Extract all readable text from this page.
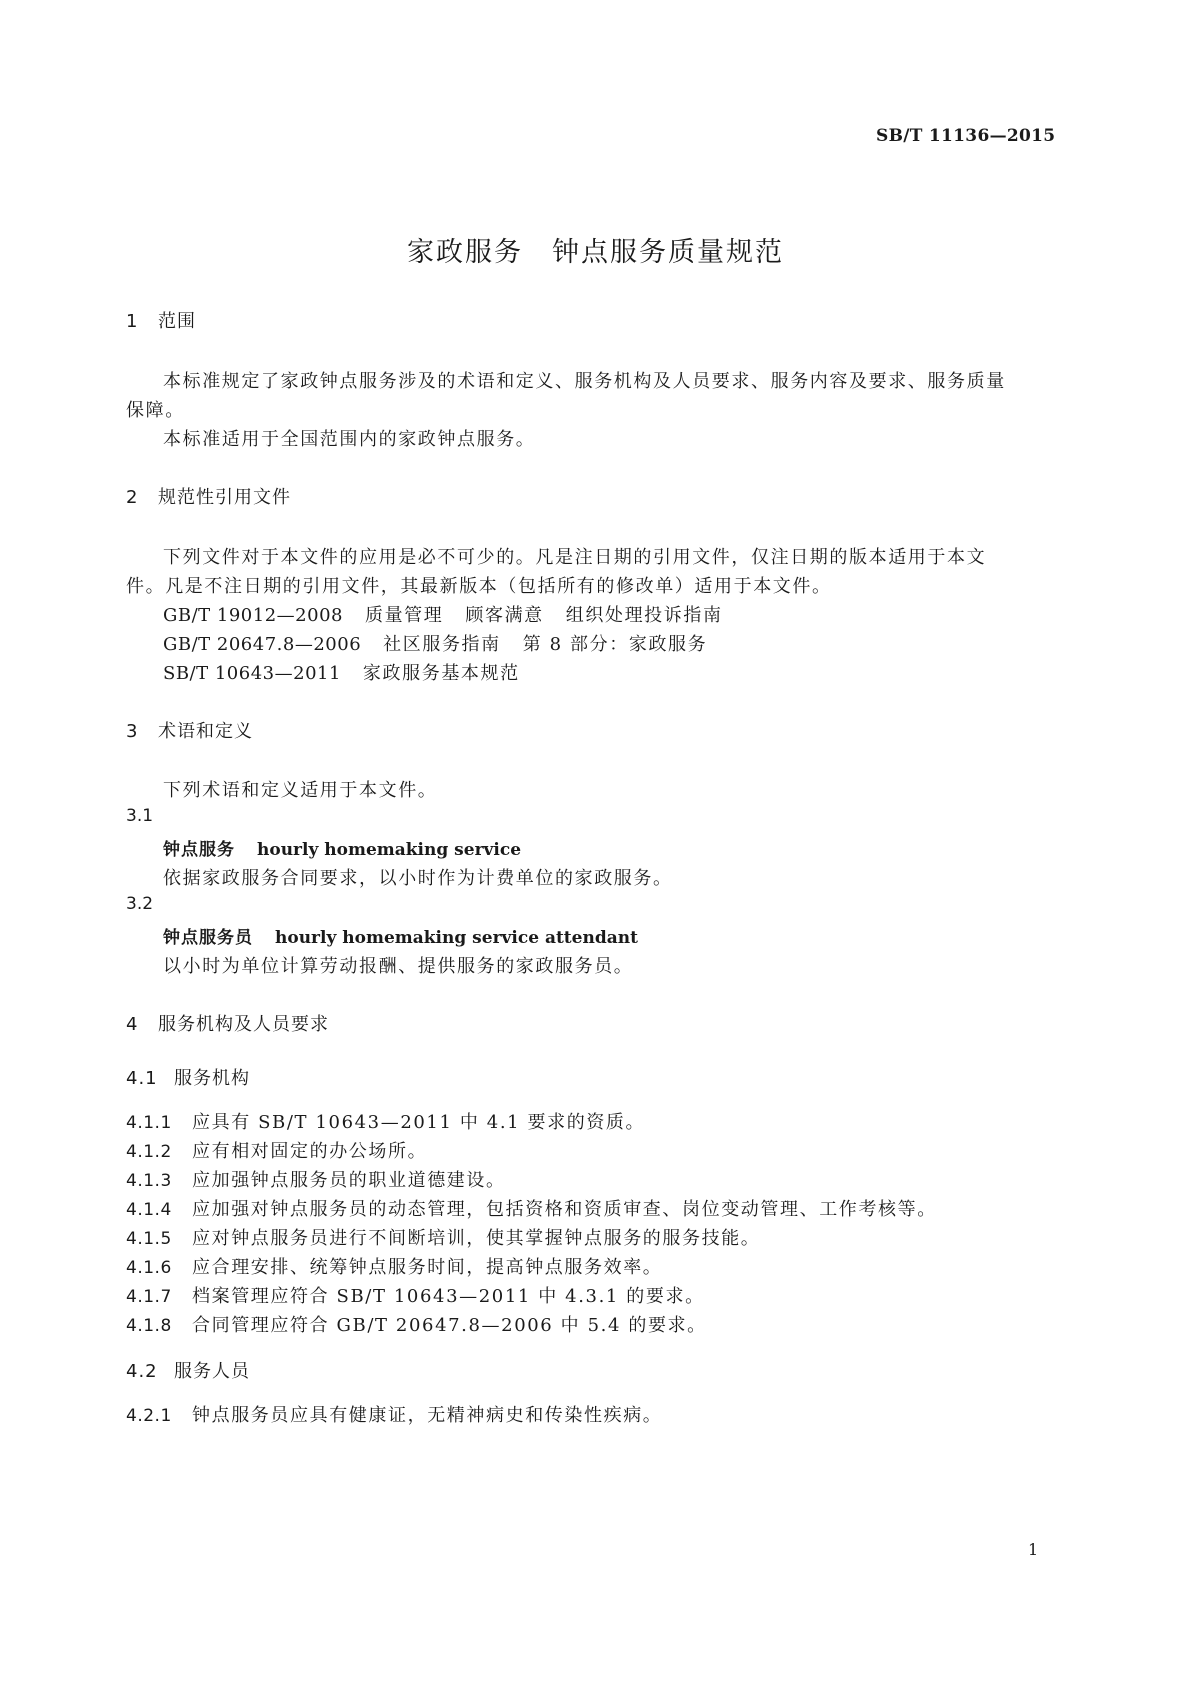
SB/T 11136—2015
家政服务　钟点服务质量规范
1 范围
本标准规定了家政钟点服务涉及的术语和定义、服务机构及人员要求、服务内容及要求、服务质量
保障。
本标准适用于全国范围内的家政钟点服务。
2 规范性引用文件
下列文件对于本文件的应用是必不可少的。凡是注日期的引用文件，仅注日期的版本适用于本文
件。凡是不注日期的引用文件，其最新版本（包括所有的修改单）适用于本文件。
GB/T 19012—2008 质量管理 顾客满意 组织处理投诉指南
GB/T 20647.8—2006 社区服务指南 第 8 部分：家政服务
SB/T 10643—2011 家政服务基本规范
3 术语和定义
下列术语和定义适用于本文件。
3.1
钟点服务 hourly homemaking service
依据家政服务合同要求，以小时作为计费单位的家政服务。
3.2
钟点服务员 hourly homemaking service attendant
以小时为单位计算劳动报酬、提供服务的家政服务员。
4 服务机构及人员要求
4.1 服务机构
4.1.1 应具有 SB/T 10643—2011 中 4.1 要求的资质。
4.1.2 应有相对固定的办公场所。
4.1.3 应加强钟点服务员的职业道德建设。
4.1.4 应加强对钟点服务员的动态管理，包括资格和资质审查、岗位变动管理、工作考核等。
4.1.5 应对钟点服务员进行不间断培训，使其掌握钟点服务的服务技能。
4.1.6 应合理安排、统筹钟点服务时间，提高钟点服务效率。
4.1.7 档案管理应符合 SB/T 10643—2011 中 4.3.1 的要求。
4.1.8 合同管理应符合 GB/T 20647.8—2006 中 5.4 的要求。
4.2 服务人员
4.2.1 钟点服务员应具有健康证，无精神病史和传染性疾病。
1
